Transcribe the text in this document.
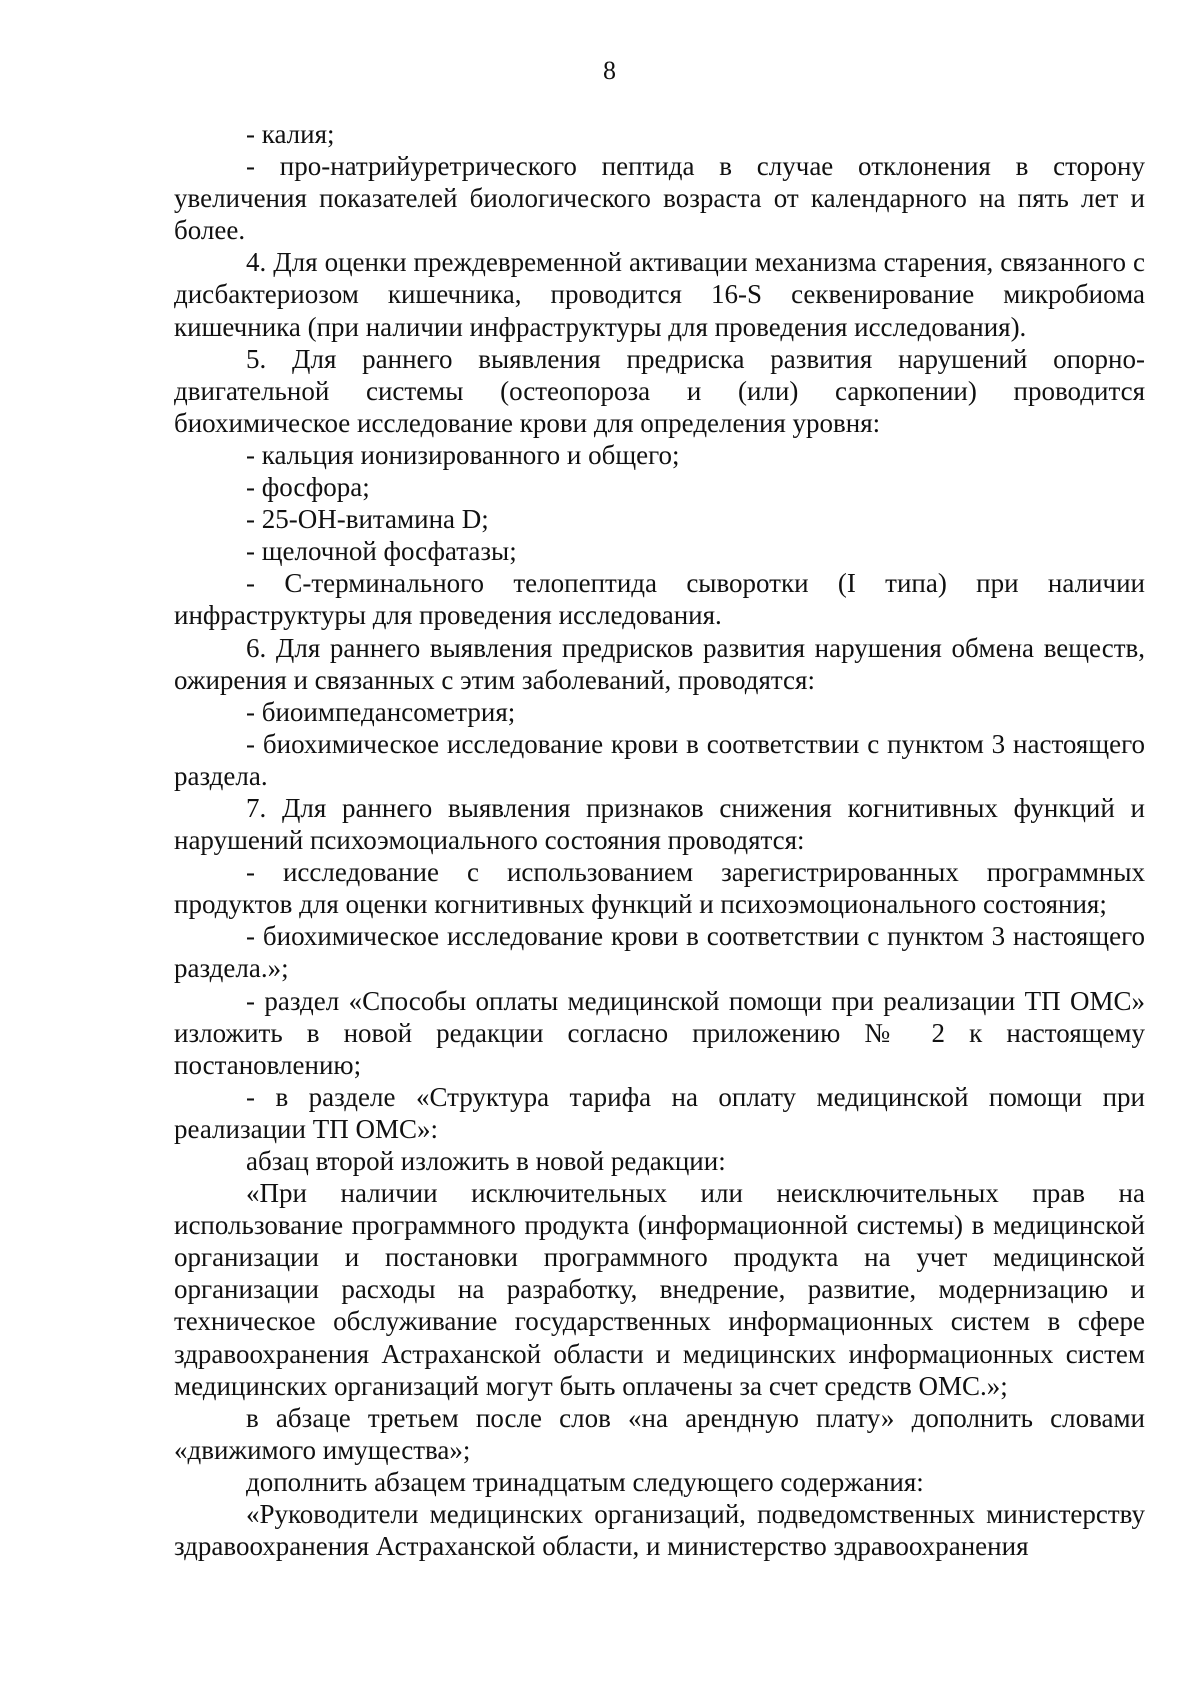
8

- калия;

- про-натрийуретрического пептида в случае отклонения в сторону увеличения показателей биологического возраста от календарного на пять лет и более.

4. Для оценки преждевременной активации механизма старения, связанного с дисбактериозом кишечника, проводится 16-S секвенирование микробиома кишечника (при наличии инфраструктуры для проведения исследования).

5. Для раннего выявления предриска развития нарушений опорно-двигательной системы (остеопороза и (или) саркопении) проводится биохимическое исследование крови для определения уровня:

- кальция ионизированного и общего;

- фосфора;

- 25-ОН-витамина D;

- щелочной фосфатазы;

- С-терминального телопептида сыворотки (I типа) при наличии инфраструктуры для проведения исследования.

6. Для раннего выявления предрисков развития нарушения обмена веществ, ожирения и связанных с этим заболеваний, проводятся:

- биоимпедансометрия;

- биохимическое исследование крови в соответствии с пунктом 3 настоящего раздела.

7. Для раннего выявления признаков снижения когнитивных функций и нарушений психоэмоциального состояния проводятся:

- исследование с использованием зарегистрированных программных продуктов для оценки когнитивных функций и психоэмоционального состояния;

- биохимическое исследование крови в соответствии с пунктом 3 настоящего раздела.»;

- раздел «Способы оплаты медицинской помощи при реализации ТП ОМС» изложить в новой редакции согласно приложению № 2 к настоящему постановлению;

- в разделе «Структура тарифа на оплату медицинской помощи при реализации ТП ОМС»:

абзац второй изложить в новой редакции:

«При наличии исключительных или неисключительных прав на использование программного продукта (информационной системы) в медицинской организации и постановки программного продукта на учет медицинской организации расходы на разработку, внедрение, развитие, модернизацию и техническое обслуживание государственных информационных систем в сфере здравоохранения Астраханской области и медицинских информационных систем медицинских организаций могут быть оплачены за счет средств ОМС.»;

в абзаце третьем после слов «на арендную плату» дополнить словами «движимого имущества»;

дополнить абзацем тринадцатым следующего содержания:

«Руководители медицинских организаций, подведомственных министерству здравоохранения Астраханской области, и министерство здравоохранения
